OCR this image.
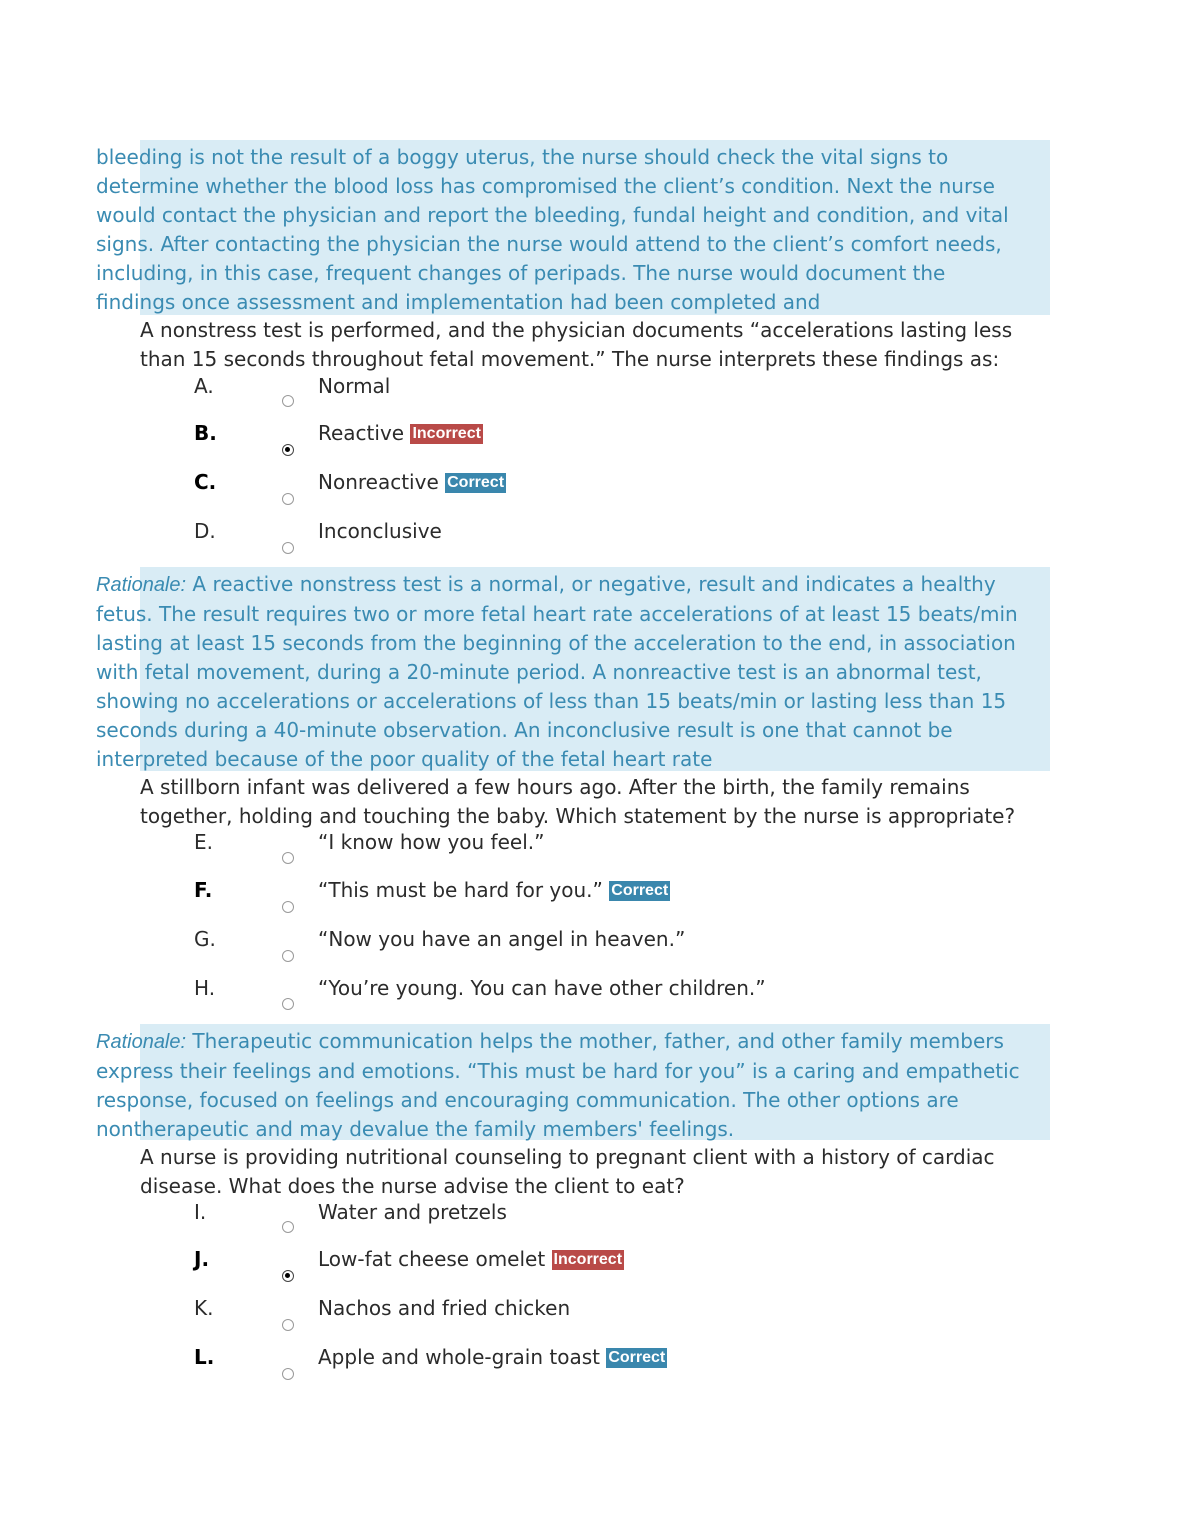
bleeding is not the result of a boggy uterus, the nurse should check the vital signs to determine whether the blood loss has compromised the client’s condition. Next the nurse would contact the physician and report the bleeding, fundal height and condition, and vital signs. After contacting the physician the nurse would attend to the client’s comfort needs, including, in this case, frequent changes of peripads. The nurse would document the findings once assessment and implementation had been completed and

A nonstress test is performed, and the physician documents “accelerations lasting less than 15 seconds throughout fetal movement.” The nurse interprets these findings as:

A.	Normal
B.	Reactive Incorrect
C.	Nonreactive Correct
D.	Inconclusive

Rationale: A reactive nonstress test is a normal, or negative, result and indicates a healthy fetus. The result requires two or more fetal heart rate accelerations of at least 15 beats/min lasting at least 15 seconds from the beginning of the acceleration to the end, in association with fetal movement, during a 20-minute period. A nonreactive test is an abnormal test, showing no accelerations or accelerations of less than 15 beats/min or lasting less than 15 seconds during a 40-minute observation. An inconclusive result is one that cannot be interpreted because of the poor quality of the fetal heart rate

A stillborn infant was delivered a few hours ago. After the birth, the family remains together, holding and touching the baby. Which statement by the nurse is appropriate?

E.	“I know how you feel.”
F.	“This must be hard for you.” Correct
G.	“Now you have an angel in heaven.”
H.	“You’re young. You can have other children.”

Rationale: Therapeutic communication helps the mother, father, and other family members express their feelings and emotions. “This must be hard for you” is a caring and empathetic response, focused on feelings and encouraging communication. The other options are nontherapeutic and may devalue the family members' feelings.

A nurse is providing nutritional counseling to pregnant client with a history of cardiac disease. What does the nurse advise the client to eat?

I.	Water and pretzels
J.	Low-fat cheese omelet Incorrect
K.	Nachos and fried chicken
L.	Apple and whole-grain toast Correct
